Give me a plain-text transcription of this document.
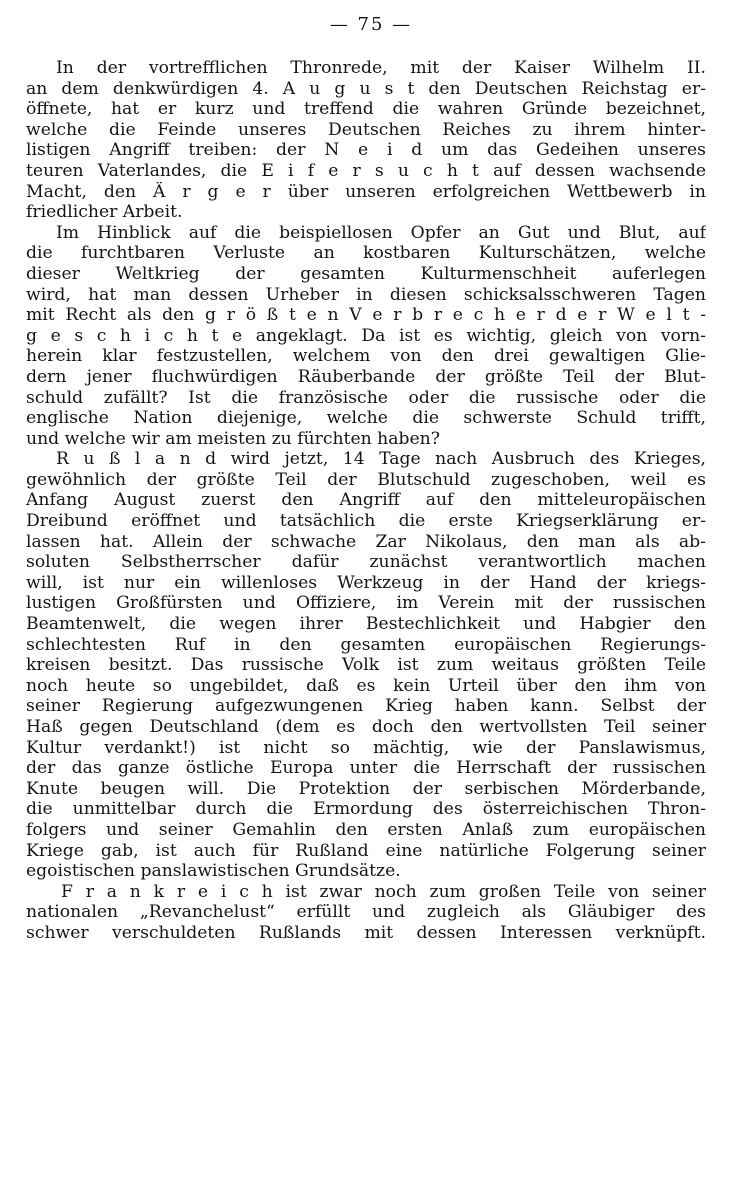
— 75 —
In der vortrefflichen Thronrede, mit der Kaiser Wilhelm II.
an dem denkwürdigen 4. A u g u s t den Deutschen Reichstag er-
öffnete, hat er kurz und treffend die wahren Gründe bezeichnet,
welche die Feinde unseres Deutschen Reiches zu ihrem hinter-
listigen Angriff treiben: der N e i d um das Gedeihen unseres
teuren Vaterlandes, die E i f e r s u c h t auf dessen wachsende
Macht, den Ä r g e r über unseren erfolgreichen Wettbewerb in
friedlicher Arbeit.
Im Hinblick auf die beispiellosen Opfer an Gut und Blut, auf
die furchtbaren Verluste an kostbaren Kulturschätzen, welche
dieser Weltkrieg der gesamten Kulturmenschheit auferlegen
wird, hat man dessen Urheber in diesen schicksalsschweren Tagen
mit Recht als den g r ö ß t e n V e r b r e c h e r d e r W e l t -
g e s c h i c h t e angeklagt. Da ist es wichtig, gleich von vorn-
herein klar festzustellen, welchem von den drei gewaltigen Glie-
dern jener fluchwürdigen Räuberbande der größte Teil der Blut-
schuld zufällt? Ist die französische oder die russische oder die
englische Nation diejenige, welche die schwerste Schuld trifft,
und welche wir am meisten zu fürchten haben?
R u ß l a n d wird jetzt, 14 Tage nach Ausbruch des Krieges,
gewöhnlich der größte Teil der Blutschuld zugeschoben, weil es
Anfang August zuerst den Angriff auf den mitteleuropäischen
Dreibund eröffnet und tatsächlich die erste Kriegserklärung er-
lassen hat. Allein der schwache Zar Nikolaus, den man als ab-
soluten Selbstherrscher dafür zunächst verantwortlich machen
will, ist nur ein willenloses Werkzeug in der Hand der kriegs-
lustigen Großfürsten und Offiziere, im Verein mit der russischen
Beamtenwelt, die wegen ihrer Bestechlichkeit und Habgier den
schlechtesten Ruf in den gesamten europäischen Regierungs-
kreisen besitzt. Das russische Volk ist zum weitaus größten Teile
noch heute so ungebildet, daß es kein Urteil über den ihm von
seiner Regierung aufgezwungenen Krieg haben kann. Selbst der
Haß gegen Deutschland (dem es doch den wertvollsten Teil seiner
Kultur verdankt!) ist nicht so mächtig, wie der Panslawismus,
der das ganze östliche Europa unter die Herrschaft der russischen
Knute beugen will. Die Protektion der serbischen Mörderbande,
die unmittelbar durch die Ermordung des österreichischen Thron-
folgers und seiner Gemahlin den ersten Anlaß zum europäischen
Kriege gab, ist auch für Rußland eine natürliche Folgerung seiner
egoistischen panslawistischen Grundsätze.
F r a n k r e i c h ist zwar noch zum großen Teile von seiner
nationalen „Revanchelust“ erfüllt und zugleich als Gläubiger des
schwer verschuldeten Rußlands mit dessen Interessen verknüpft.
